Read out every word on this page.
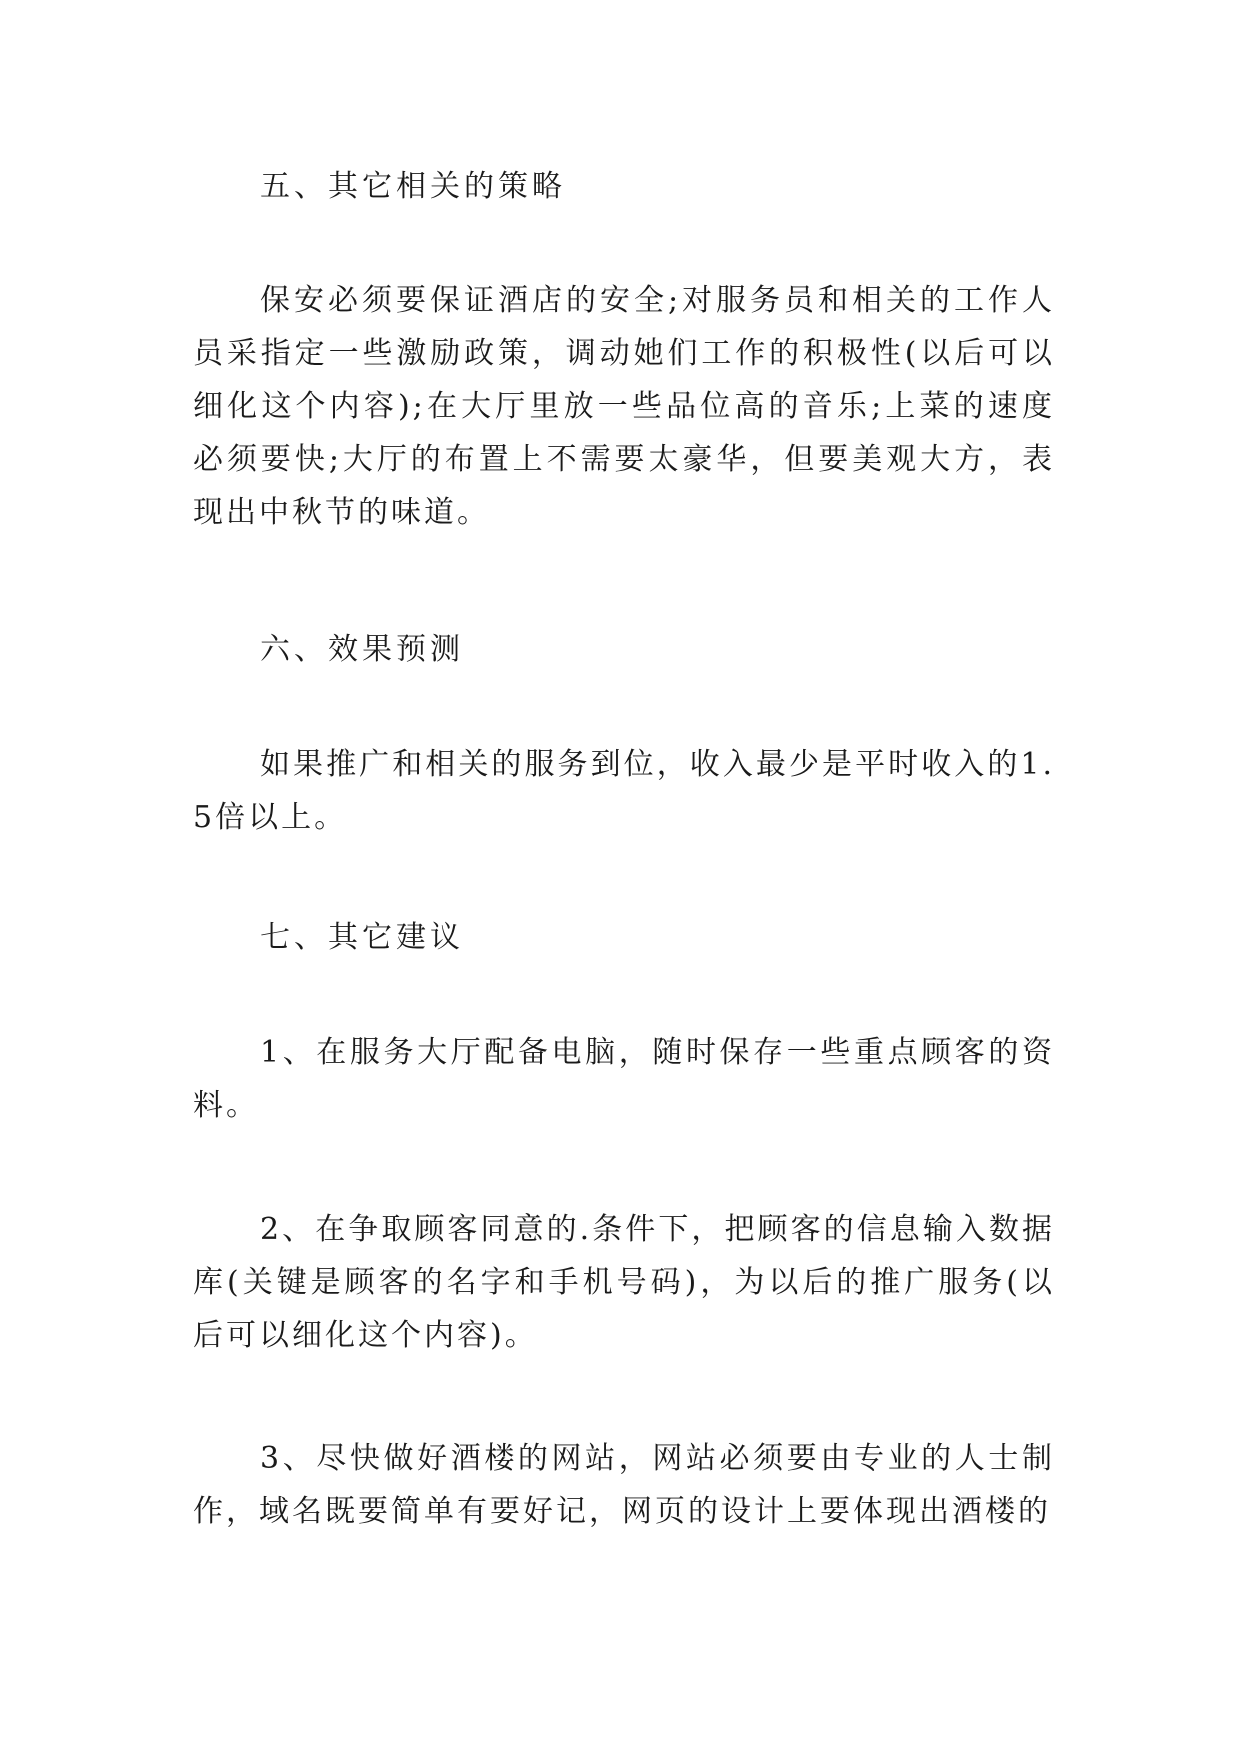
五、其它相关的策略

保安必须要保证酒店的安全;对服务员和相关的工作人员采指定一些激励政策，调动她们工作的积极性(以后可以细化这个内容);在大厅里放一些品位高的音乐;上菜的速度必须要快;大厅的布置上不需要太豪华，但要美观大方，表现出中秋节的味道。

六、效果预测

如果推广和相关的服务到位，收入最少是平时收入的1.5倍以上。

七、其它建议

1、在服务大厅配备电脑，随时保存一些重点顾客的资料。

2、在争取顾客同意的.条件下，把顾客的信息输入数据库(关键是顾客的名字和手机号码)，为以后的推广服务(以后可以细化这个内容)。

3、尽快做好酒楼的网站，网站必须要由专业的人士制作，域名既要简单有要好记，网页的设计上要体现出酒楼的
